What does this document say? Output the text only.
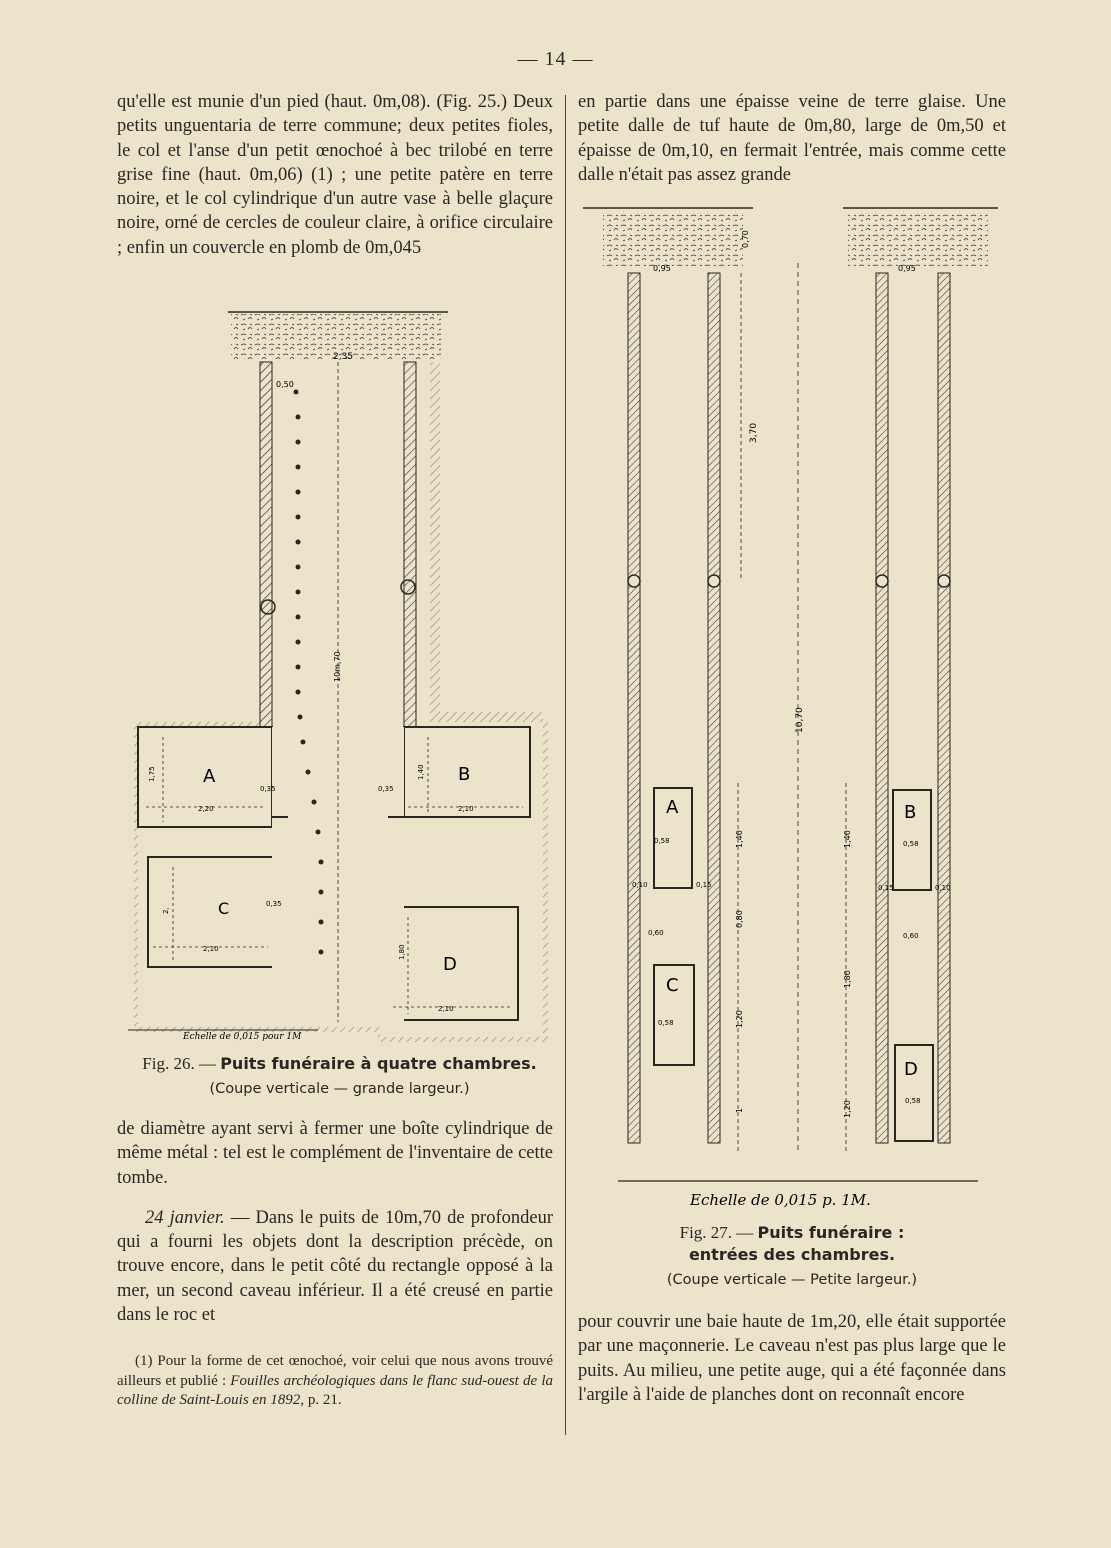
— 14 —

qu'elle est munie d'un pied (haut. 0m,08). (Fig. 25.) Deux petits unguentaria de terre commune; deux petites fioles, le col et l'anse d'un petit œnochoé à bec trilobé en terre grise fine (haut. 0m,06) (1) ; une petite patère en terre noire, et le col cylindrique d'un autre vase à belle glaçure noire, orné de cercles de couleur claire, à orifice circulaire ; enfin un couvercle en plomb de 0m,045

2,35
0,50
10m,70
A	B
C
D
1,75
2,20
0,35
1,40
2,10
0,35
2,
2,10
0,35
1,80
2,10
Echelle de 0,015 pour 1M

Fig. 26. — Puits funéraire à quatre chambres.

(Coupe verticale — grande largeur.)

de diamètre ayant servi à fermer une boîte cylindrique de même métal : tel est le complément de l'inventaire de cette tombe.

24 janvier. — Dans le puits de 10m,70 de profondeur qui a fourni les objets dont la description précède, on trouve encore, dans le petit côté du rectangle opposé à la mer, un second caveau inférieur. Il a été creusé en partie dans le roc et

(1) Pour la forme de cet œnochoé, voir celui que nous avons trouvé ailleurs et publié : Fouilles archéologiques dans le flanc sud-ouest de la colline de Saint-Louis en 1892, p. 21.

en partie dans une épaisse veine de terre glaise. Une petite dalle de tuf haute de 0m,80, large de 0m,50 et épaisse de 0m,10, en fermait l'entrée, mais comme cette dalle n'était pas assez grande

A
C
0,58
0,58
0,60
0,10	0,15
0,95
0,70
3,70
1,40
0,80
1,20
1
10,70
B
D
0,58
0,58
0,60
0,15	0,10
0,95
1,40
1,80
1,20
Echelle de 0,015 p. 1M.

Fig. 27. — Puits funéraire :

entrées des chambres.

(Coupe verticale — Petite largeur.)

pour couvrir une baie haute de 1m,20, elle était supportée par une maçonnerie. Le caveau n'est pas plus large que le puits. Au milieu, une petite auge, qui a été façonnée dans l'argile à l'aide de planches dont on reconnaît encore
